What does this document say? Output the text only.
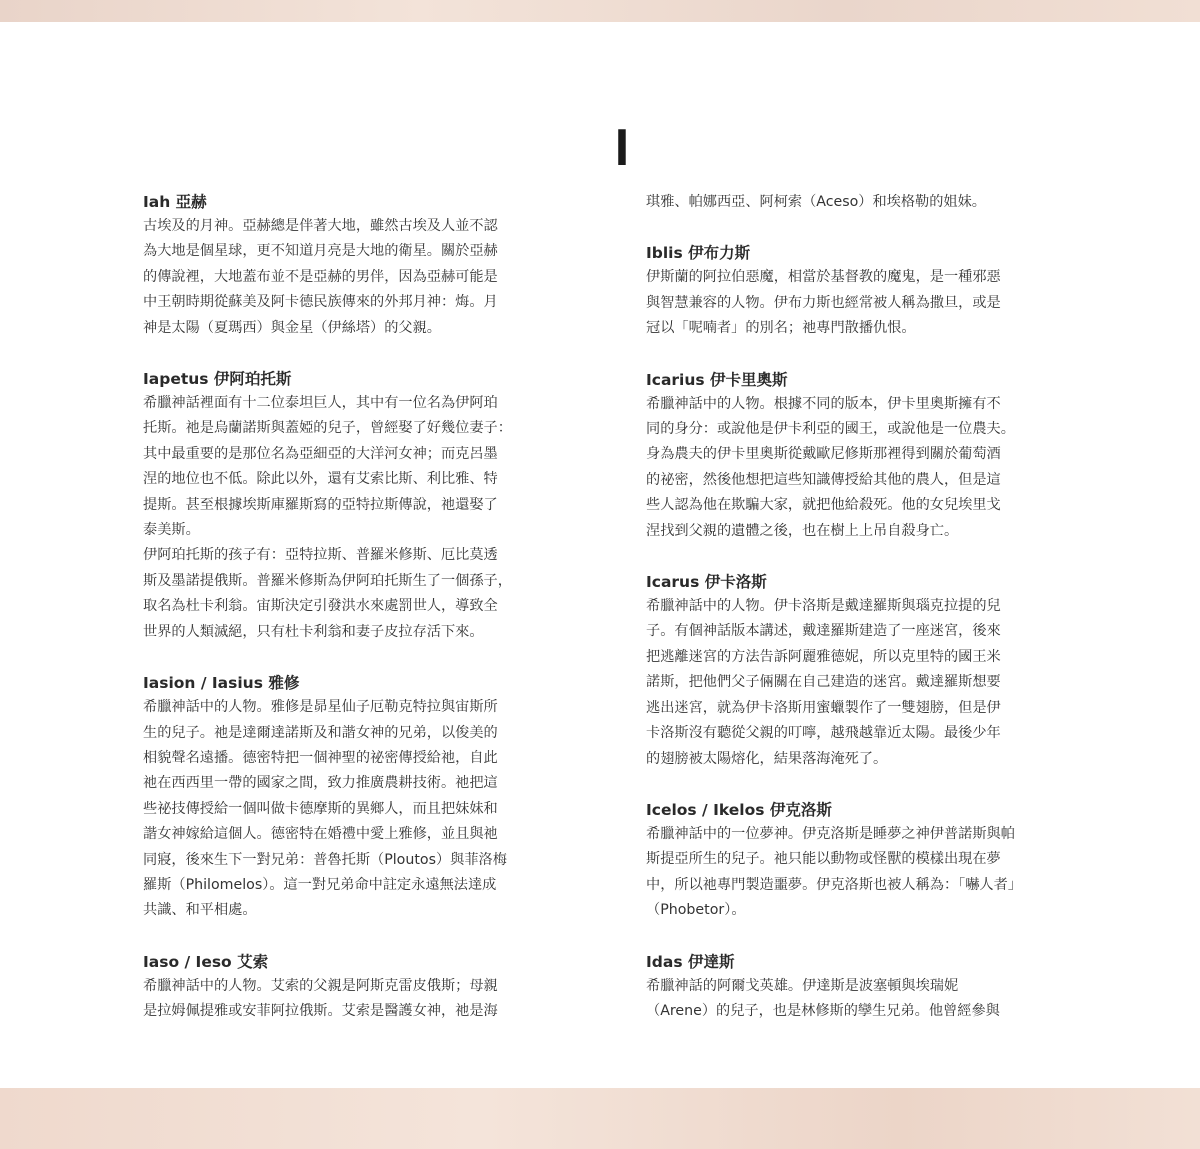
I

Iah 亞赫

古埃及的月神。亞赫總是伴著大地，雖然古埃及人並不認
為大地是個星球，更不知道月亮是大地的衛星。關於亞赫
的傳說裡，大地蓋布並不是亞赫的男伴，因為亞赫可能是
中王朝時期從蘇美及阿卡德民族傳來的外邦月神：烸。月
神是太陽（夏瑪西）與金星（伊絲塔）的父親。

Iapetus 伊阿珀托斯

希臘神話裡面有十二位泰坦巨人，其中有一位名為伊阿珀
托斯。祂是烏蘭諾斯與蓋婭的兒子，曾經娶了好幾位妻子：
其中最重要的是那位名為亞細亞的大洋河女神；而克呂墨
涅的地位也不低。除此以外，還有艾索比斯、利比雅、特
提斯。甚至根據埃斯庫羅斯寫的亞特拉斯傳說，祂還娶了
泰美斯。
伊阿珀托斯的孩子有：亞特拉斯、普羅米修斯、厄比莫透
斯及墨諾提俄斯。普羅米修斯為伊阿珀托斯生了一個孫子，
取名為杜卡利翁。宙斯決定引發洪水來處罰世人，導致全
世界的人類滅絕，只有杜卡利翁和妻子皮拉存活下來。

Iasion / Iasius 雅修

希臘神話中的人物。雅修是昴星仙子厄勒克特拉與宙斯所
生的兒子。祂是達爾達諾斯及和諧女神的兄弟，以俊美的
相貌聲名遠播。德密特把一個神聖的祕密傳授給祂，自此
祂在西西里一帶的國家之間，致力推廣農耕技術。祂把這
些祕技傳授給一個叫做卡德摩斯的異鄉人，而且把妹妹和
諧女神嫁給這個人。德密特在婚禮中愛上雅修，並且與祂
同寢，後來生下一對兄弟：普魯托斯（Ploutos）與菲洛梅
羅斯（Philomelos）。這一對兄弟命中註定永遠無法達成
共識、和平相處。

Iaso / Ieso 艾索

希臘神話中的人物。艾索的父親是阿斯克雷皮俄斯；母親
是拉姆佩提雅或安菲阿拉俄斯。艾索是醫護女神，祂是海

琪雅、帕娜西亞、阿柯索（Aceso）和埃格勒的姐妹。

Iblis 伊布力斯

伊斯蘭的阿拉伯惡魔，相當於基督教的魔鬼，是一種邪惡
與智慧兼容的人物。伊布力斯也經常被人稱為撒旦，或是
冠以「呢喃者」的別名；祂專門散播仇恨。

Icarius 伊卡里奧斯

希臘神話中的人物。根據不同的版本，伊卡里奧斯擁有不
同的身分：或說他是伊卡利亞的國王，或說他是一位農夫。
身為農夫的伊卡里奧斯從戴歐尼修斯那裡得到關於葡萄酒
的祕密，然後他想把這些知識傳授給其他的農人，但是這
些人認為他在欺騙大家，就把他給殺死。他的女兒埃里戈
涅找到父親的遺體之後，也在樹上上吊自殺身亡。

Icarus 伊卡洛斯

希臘神話中的人物。伊卡洛斯是戴達羅斯與瑙克拉提的兒
子。有個神話版本講述，戴達羅斯建造了一座迷宮，後來
把逃離迷宮的方法告訴阿麗雅德妮，所以克里特的國王米
諾斯，把他們父子倆關在自己建造的迷宮。戴達羅斯想要
逃出迷宮，就為伊卡洛斯用蜜蠟製作了一雙翅膀，但是伊
卡洛斯沒有聽從父親的叮嚀，越飛越靠近太陽。最後少年
的翅膀被太陽熔化，結果落海淹死了。

Icelos / Ikelos 伊克洛斯

希臘神話中的一位夢神。伊克洛斯是睡夢之神伊普諾斯與帕
斯提亞所生的兒子。祂只能以動物或怪獸的模樣出現在夢
中，所以祂專門製造噩夢。伊克洛斯也被人稱為：「嚇人者」
（Phobetor）。

Idas 伊達斯

希臘神話的阿爾戈英雄。伊達斯是波塞頓與埃瑞妮
（Arene）的兒子，也是林修斯的孿生兄弟。他曾經參與
